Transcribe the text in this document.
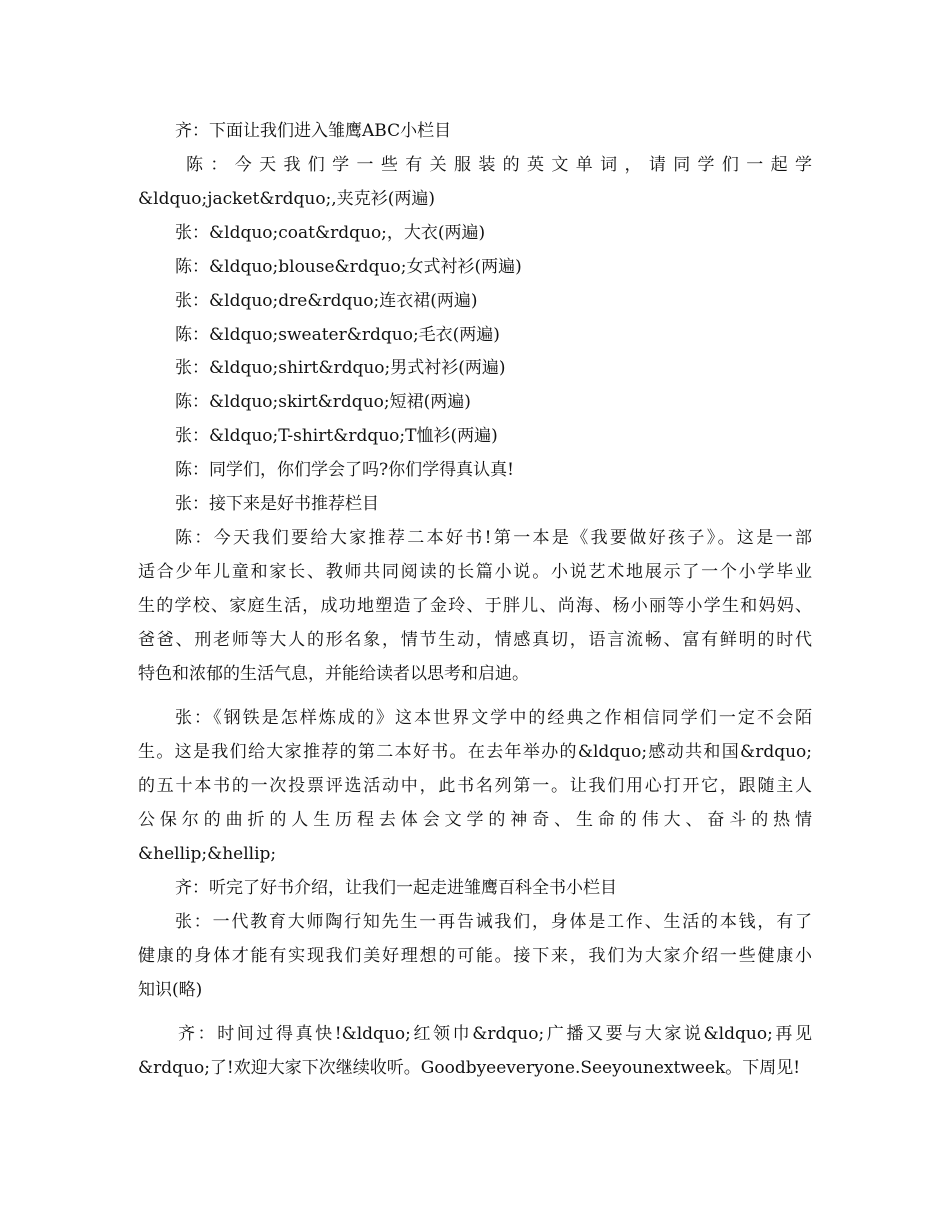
齐：下面让我们进入雏鹰ABC小栏目
陈：今天我们学一些有关服装的英文单词，请同学们一起学
&ldquo;jacket&rdquo;,夹克衫(两遍)
张：&ldquo;coat&rdquo;，大衣(两遍)
陈：&ldquo;blouse&rdquo;女式衬衫(两遍)
张：&ldquo;dre&rdquo;连衣裙(两遍)
陈：&ldquo;sweater&rdquo;毛衣(两遍)
张：&ldquo;shirt&rdquo;男式衬衫(两遍)
陈：&ldquo;skirt&rdquo;短裙(两遍)
张：&ldquo;T-shirt&rdquo;T恤衫(两遍)
陈：同学们，你们学会了吗?你们学得真认真!
张：接下来是好书推荐栏目
陈：今天我们要给大家推荐二本好书!第一本是《我要做好孩子》。这是一部
适合少年儿童和家长、教师共同阅读的长篇小说。小说艺术地展示了一个小学毕业
生的学校、家庭生活，成功地塑造了金玲、于胖儿、尚海、杨小丽等小学生和妈妈、
爸爸、刑老师等大人的形名象，情节生动，情感真切，语言流畅、富有鲜明的时代
特色和浓郁的生活气息，并能给读者以思考和启迪。
张：《钢铁是怎样炼成的》这本世界文学中的经典之作相信同学们一定不会陌
生。这是我们给大家推荐的第二本好书。在去年举办的&ldquo;感动共和国&rdquo;
的五十本书的一次投票评选活动中，此书名列第一。让我们用心打开它，跟随主人
公保尔的曲折的人生历程去体会文学的神奇、生命的伟大、奋斗的热情
&hellip;&hellip;
齐：听完了好书介绍，让我们一起走进雏鹰百科全书小栏目
张：一代教育大师陶行知先生一再告诫我们，身体是工作、生活的本钱，有了
健康的身体才能有实现我们美好理想的可能。接下来，我们为大家介绍一些健康小
知识(略)
齐：时间过得真快!&ldquo;红领巾&rdquo;广播又要与大家说&ldquo;再见
&rdquo;了!欢迎大家下次继续收听。Goodbyeeveryone.Seeyounextweek。下周见!
